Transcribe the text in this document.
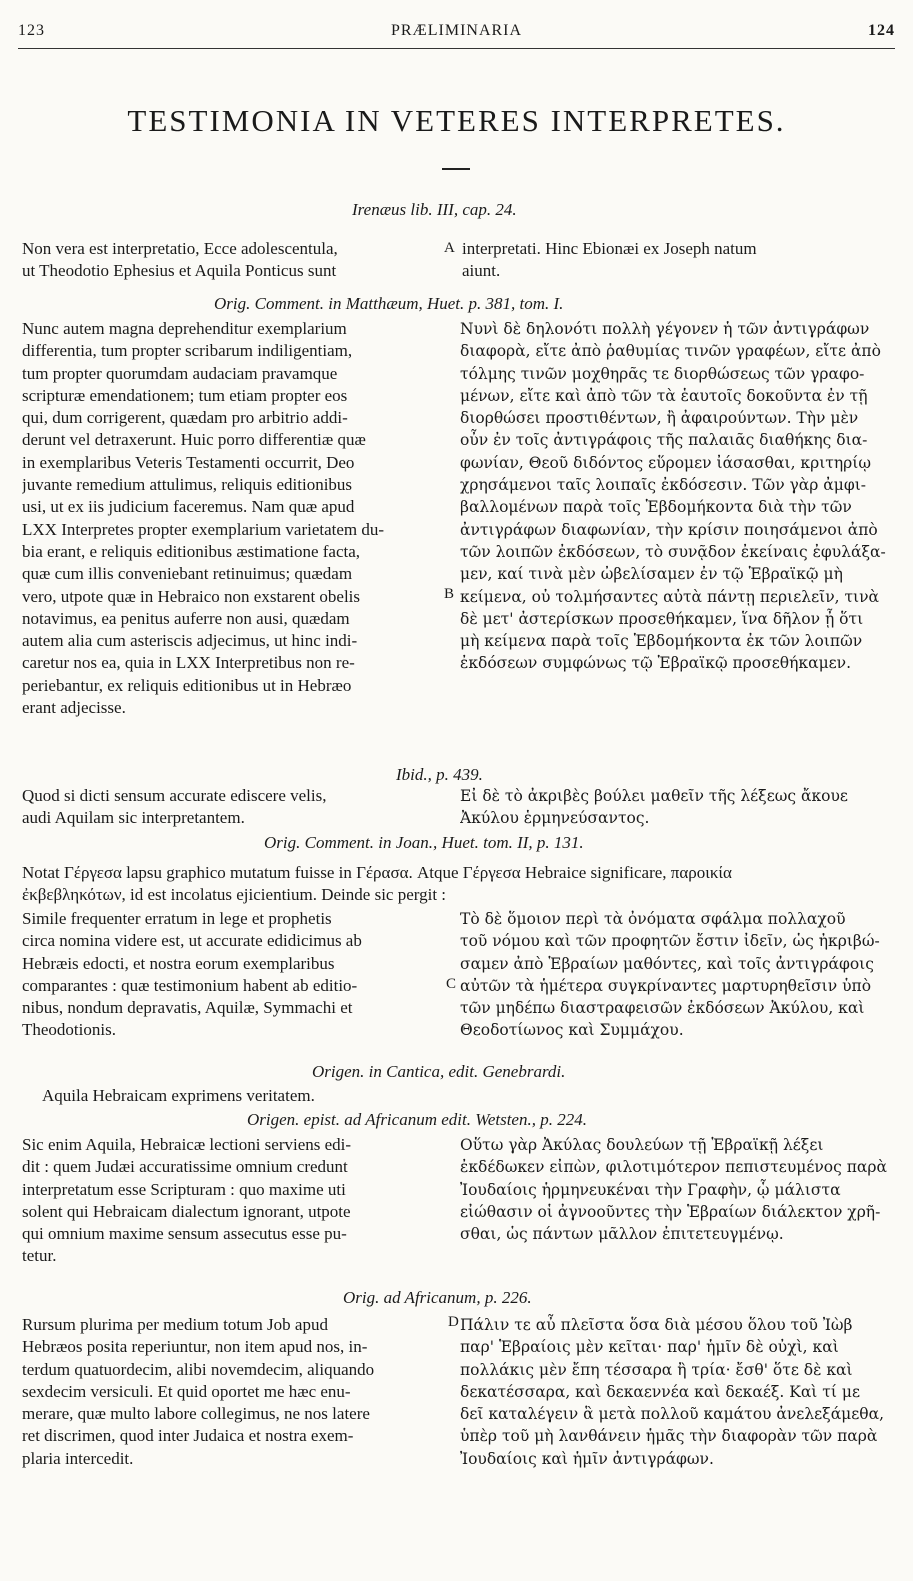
123	PRÆLIMINARIA	124
TESTIMONIA IN VETERES INTERPRETES.
Irenæus lib. III, cap. 24.
Non vera est interpretatio, Ecce adolescentula,
ut Theodotio Ephesius et Aquila Ponticus sunt
A interpretati. Hinc Ebionæi ex Joseph natum
aiunt.
Orig. Comment. in Matthæum, Huet. p. 381, tom. I.
Nunc autem magna deprehenditur exemplarium
differentia, tum propter scribarum indiligentiam,
tum propter quorumdam audaciam pravamque
scripturæ emendationem; tum etiam propter eos
qui, dum corrigerent, quædam pro arbitrio addi-
derunt vel detraxerunt. Huic porro differentiæ quæ
in exemplaribus Veteris Testamenti occurrit, Deo
juvante remedium attulimus, reliquis editionibus
usi, ut ex iis judicium faceremus. Nam quæ apud
LXX Interpretes propter exemplarium varietatem du-
bia erant, e reliquis editionibus æstimatione facta,
quæ cum illis conveniebant retinuimus; quædam
vero, utpote quæ in Hebraico non exstarent obelis
notavimus, ea penitus auferre non ausi, quædam
autem alia cum asteriscis adjecimus, ut hinc indi-
caretur nos ea, quia in LXX Interpretibus non re-
periebantur, ex reliquis editionibus ut in Hebræo
erant adjecisse.
B
Νυνὶ δὲ δηλονότι πολλὴ γέγονεν ἡ τῶν ἀντιγράφων
διαφορὰ, εἴτε ἀπὸ ῥαθυμίας τινῶν γραφέων, εἴτε ἀπὸ
τόλμης τινῶν μοχθηρᾶς τε διορθώσεως τῶν γραφο-
μένων, εἴτε καὶ ἀπὸ τῶν τὰ ἑαυτοῖς δοκοῦντα ἐν τῇ
διορθώσει προστιθέντων, ἢ ἀφαιρούντων. Τὴν μὲν
οὖν ἐν τοῖς ἀντιγράφοις τῆς παλαιᾶς διαθήκης δια-
φωνίαν, Θεοῦ διδόντος εὕρομεν ἰάσασθαι, κριτηρίῳ
χρησάμενοι ταῖς λοιπαῖς ἐκδόσεσιν. Τῶν γὰρ ἀμφι-
βαλλομένων παρὰ τοῖς Ἑβδομήκοντα διὰ τὴν τῶν
ἀντιγράφων διαφωνίαν, τὴν κρίσιν ποιησάμενοι ἀπὸ
τῶν λοιπῶν ἐκδόσεων, τὸ συνᾷδον ἐκείναις ἐφυλάξα-
μεν, καί τινὰ μὲν ὠβελίσαμεν ἐν τῷ Ἑβραϊκῷ μὴ
κείμενα, οὐ τολμήσαντες αὐτὰ πάντῃ περιελεῖν, τινὰ
δὲ μετ' ἀστερίσκων προσεθήκαμεν, ἵνα δῆλον ᾖ ὅτι
μὴ κείμενα παρὰ τοῖς Ἑβδομήκοντα ἐκ τῶν λοιπῶν
ἐκδόσεων συμφώνως τῷ Ἑβραϊκῷ προσεθήκαμεν.
Ibid., p. 439.
Quod si dicti sensum accurate ediscere velis,
audi Aquilam sic interpretantem.
Εἰ δὲ τὸ ἀκριβὲς βούλει μαθεῖν τῆς λέξεως ἄκουε
Ἀκύλου ἑρμηνεύσαντος.
Orig. Comment. in Joan., Huet. tom. II, p. 131.
Notat Γέργεσα lapsu graphico mutatum fuisse in Γέρασα. Atque Γέργεσα Hebraice significare, παροικία
ἐκβεβληκότων, id est incolatus ejicientium. Deinde sic pergit :
Simile frequenter erratum in lege et prophetis
circa nomina videre est, ut accurate edidicimus ab
Hebræis edocti, et nostra eorum exemplaribus
comparantes : quæ testimonium habent ab editio-
nibus, nondum depravatis, Aquilæ, Symmachi et
Theodotionis.
C
Τὸ δὲ ὅμοιον περὶ τὰ ὀνόματα σφάλμα πολλαχοῦ
τοῦ νόμου καὶ τῶν προφητῶν ἔστιν ἰδεῖν, ὡς ἠκριβώ-
σαμεν ἀπὸ Ἑβραίων μαθόντες, καὶ τοῖς ἀντιγράφοις
αὐτῶν τὰ ἡμέτερα συγκρίναντες μαρτυρηθεῖσιν ὑπὸ
τῶν μηδέπω διαστραφεισῶν ἐκδόσεων Ἀκύλου, καὶ
Θεοδοτίωνος καὶ Συμμάχου.
Origen. in Cantica, edit. Genebrardi.
Aquila Hebraicam exprimens veritatem.
Origen. epist. ad Africanum edit. Wetsten., p. 224.
Sic enim Aquila, Hebraicæ lectioni serviens edi-
dit : quem Judæi accuratissime omnium credunt
interpretatum esse Scripturam : quo maxime uti
solent qui Hebraicam dialectum ignorant, utpote
qui omnium maxime sensum assecutus esse pu-
tetur.
Οὕτω γὰρ Ἀκύλας δουλεύων τῇ Ἑβραϊκῇ λέξει
ἐκδέδωκεν εἰπὼν, φιλοτιμότερον πεπιστευμένος παρὰ
Ἰουδαίοις ἡρμηνευκέναι τὴν Γραφὴν, ᾧ μάλιστα
εἰώθασιν οἱ ἀγνοοῦντες τὴν Ἑβραίων διάλεκτον χρῆ-
σθαι, ὡς πάντων μᾶλλον ἐπιτετευγμένῳ.
Orig. ad Africanum, p. 226.
Rursum plurima per medium totum Job apud
Hebræos posita reperiuntur, non item apud nos, in-
terdum quatuordecim, alibi novemdecim, aliquando
sexdecim versiculi. Et quid oportet me hæc enu-
merare, quæ multo labore collegimus, ne nos latere
ret discrimen, quod inter Judaica et nostra exem-
plaria intercedit.
D Πάλιν τε αὖ πλεῖστα ὅσα διὰ μέσου ὅλου τοῦ Ἰὼβ
παρ' Ἑβραίοις μὲν κεῖται· παρ' ἡμῖν δὲ οὐχὶ, καὶ
πολλάκις μὲν ἔπη τέσσαρα ἢ τρία· ἔσθ' ὅτε δὲ καὶ
δεκατέσσαρα, καὶ δεκαεννέα καὶ δεκαέξ. Καὶ τί με
δεῖ καταλέγειν ἃ μετὰ πολλοῦ καμάτου ἀνελεξάμεθα,
ὑπὲρ τοῦ μὴ λανθάνειν ἡμᾶς τὴν διαφορὰν τῶν παρὰ
Ἰουδαίοις καὶ ἡμῖν ἀντιγράφων.
